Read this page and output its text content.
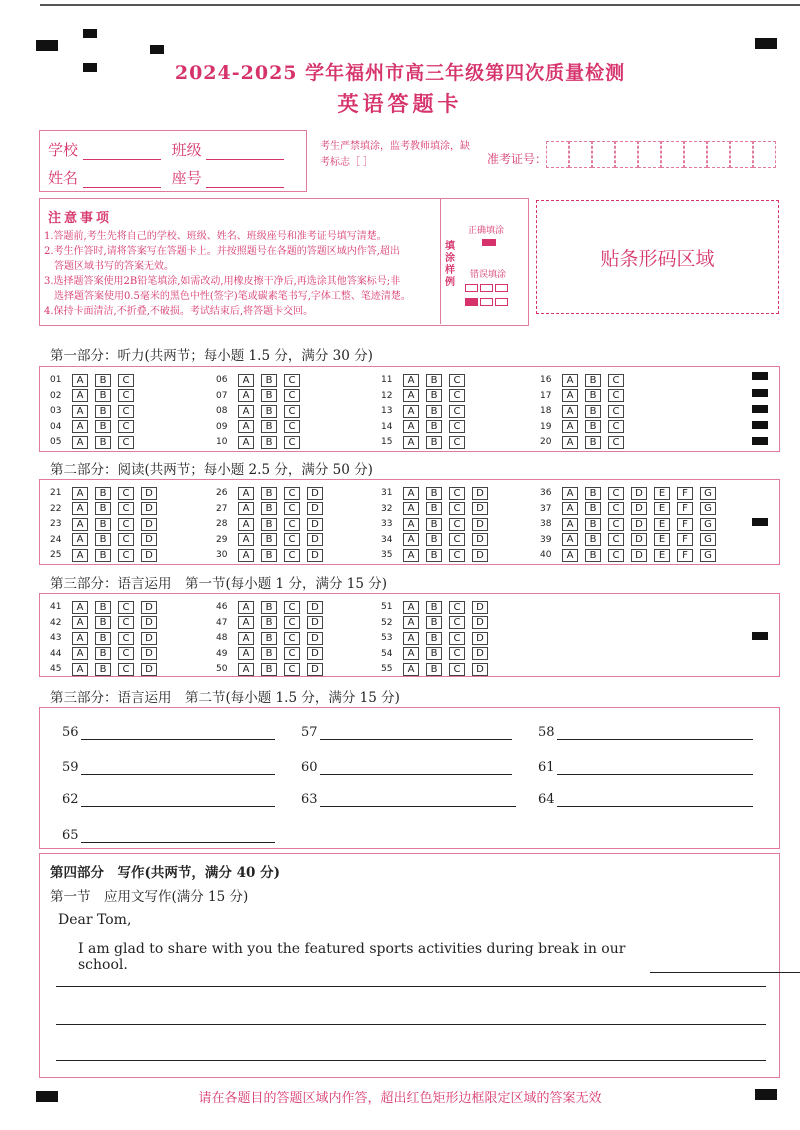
2024-2025 学年福州市高三年级第四次质量检测
英语答题卡
学校	班级
姓名	座号
考生严禁填涂，监考教师填涂，缺考标志［ ］	准考证号：
注意事项
1.答题前,考生先将自己的学校、班级、姓名、班级座号和准考证号填写清楚。
2.考生作答时,请将答案写在答题卡上。并按照题号在各题的答题区域内作答,超出
答题区域书写的答案无效。
3.选择题答案使用2B铅笔填涂,如需改动,用橡皮擦干净后,再选涂其他答案标号;非
选择题答案使用0.5毫米的黑色中性(签字)笔或碳素笔书写,字体工整、笔迹清楚。
4.保持卡面清洁,不折叠,不破损。考试结束后,将答题卡交回。
填涂样例
正确填涂
错误填涂

贴条形码区域
第一部分：听力(共两节；每小题 1.5 分，满分 30 分)
第二部分：阅读(共两节；每小题 2.5 分，满分 50 分)
第三部分：语言运用　第一节(每小题 1 分，满分 15 分)
第三部分：语言运用　第二节(每小题 1.5 分，满分 15 分)
56	57	58
59	60	61
62	63	64
65
第四部分　写作(共两节，满分 40 分)
第一节　应用文写作(满分 15 分)
Dear Tom,
I am glad to share with you the featured sports activities during break in our school.
请在各题目的答题区域内作答，超出红色矩形边框限定区域的答案无效
01	A	B	C
02	A	B	C
03	A	B	C
04	A	B	C
05	A	B	C
06	A	B	C
07	A	B	C
08	A	B	C
09	A	B	C
10	A	B	C
11	A	B	C
12	A	B	C
13	A	B	C
14	A	B	C
15	A	B	C
16	A	B	C
17	A	B	C
18	A	B	C
19	A	B	C
20	A	B	C
21	A	B	C	D
22	A	B	C	D
23	A	B	C	D
24	A	B	C	D
25	A	B	C	D
26	A	B	C	D
27	A	B	C	D
28	A	B	C	D
29	A	B	C	D
30	A	B	C	D
31	A	B	C	D
32	A	B	C	D
33	A	B	C	D
34	A	B	C	D
35	A	B	C	D
36	A	B	C	D	E	F	G
37	A	B	C	D	E	F	G
38	A	B	C	D	E	F	G
39	A	B	C	D	E	F	G
40	A	B	C	D	E	F	G
41	A	B	C	D
42	A	B	C	D
43	A	B	C	D
44	A	B	C	D
45	A	B	C	D
46	A	B	C	D
47	A	B	C	D
48	A	B	C	D
49	A	B	C	D
50	A	B	C	D
51	A	B	C	D
52	A	B	C	D
53	A	B	C	D
54	A	B	C	D
55	A	B	C	D
